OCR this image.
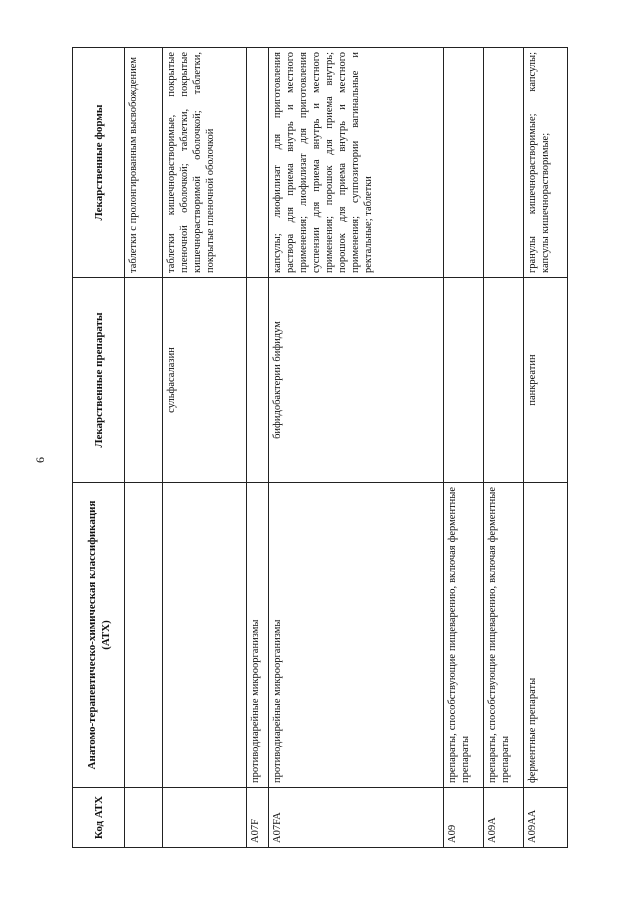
6
Код АТХ	Анатомо-терапевтическо-химическая классификация (АТХ)	Лекарственные препараты	Лекарственные формы
			таблетки с пролонгированным высвобождением
		сульфасалазин	таблетки кишечнорастворимые, покрытые пленочной оболочкой; таблетки, покрытые кишечнорастворимой оболочкой; таблетки, покрытые пленочной оболочкой
A07F	противодиарейные микроорганизмы		
A07FA	противодиарейные микроорганизмы	бифидобактерии бифидум	капсулы; лиофилизат для приготовления раствора для приема внутрь и местного применения; лиофилизат для приготовления суспензии для приема внутрь и местного применения; порошок для приема внутрь; порошок для приема внутрь и местного применения; суппозитории вагинальные и ректальные; таблетки
A09	препараты, способствующие пищеварению, включая ферментные препараты		
A09A	препараты, способствующие пищеварению, включая ферментные препараты		
A09AA	ферментные препараты	панкреатин	гранулы кишечнорастворимые; капсулы; капсулы кишечнорастворимые;
